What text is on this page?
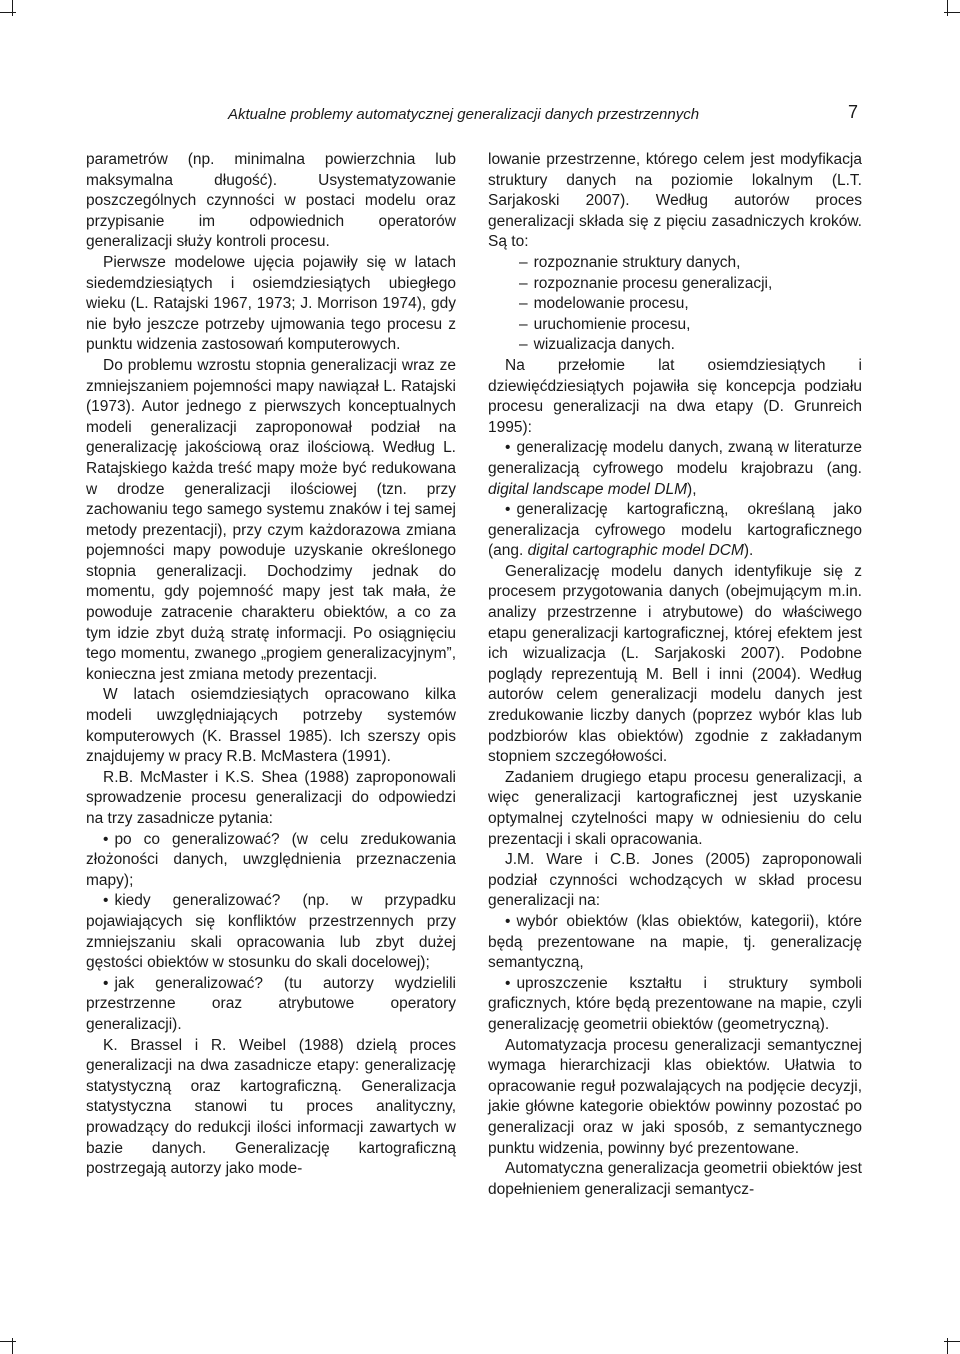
Aktualne problemy automatycznej generalizacji danych przestrzennych	7

parametrów (np. minimalna powierzchnia lub maksymalna długość). Usystematyzowanie poszczególnych czynności w postaci modelu oraz przypisanie im odpowiednich operatorów generalizacji służy kontroli procesu.

Pierwsze modelowe ujęcia pojawiły się w latach siedemdziesiątych i osiemdziesiątych ubiegłego wieku (L. Ratajski 1967, 1973; J. Morrison 1974), gdy nie było jeszcze potrzeby ujmowania tego procesu z punktu widzenia zastosowań komputerowych.

Do problemu wzrostu stopnia generalizacji wraz ze zmniejszaniem pojemności mapy nawiązał L. Ratajski (1973). Autor jednego z pierwszych konceptualnych modeli generalizacji zaproponował podział na generalizację jakościową oraz ilościową. Według L. Ratajskiego każda treść mapy może być redukowana w drodze generalizacji ilościowej (tzn. przy zachowaniu tego samego systemu znaków i tej samej metody prezentacji), przy czym każdorazowa zmiana pojemności mapy powoduje uzyskanie określonego stopnia generalizacji. Dochodzimy jednak do momentu, gdy pojemność mapy jest tak mała, że powoduje zatracenie charakteru obiektów, a co za tym idzie zbyt dużą stratę informacji. Po osiągnięciu tego momentu, zwanego „progiem generalizacyjnym”, konieczna jest zmiana metody prezentacji.

W latach osiemdziesiątych opracowano kilka modeli uwzględniających potrzeby systemów komputerowych (K. Brassel 1985). Ich szerszy opis znajdujemy w pracy R.B. McMastera (1991).

R.B. McMaster i K.S. Shea (1988) zaproponowali sprowadzenie procesu generalizacji do odpowiedzi na trzy zasadnicze pytania:

• po co generalizować? (w celu zredukowania złożoności danych, uwzględnienia przeznaczenia mapy);

• kiedy generalizować? (np. w przypadku pojawiających się konfliktów przestrzennych przy zmniejszaniu skali opracowania lub zbyt dużej gęstości obiektów w stosunku do skali docelowej);

• jak generalizować? (tu autorzy wydzielili przestrzenne oraz atrybutowe operatory generalizacji).

K. Brassel i R. Weibel (1988) dzielą proces generalizacji na dwa zasadnicze etapy: generalizację statystyczną oraz kartograficzną. Generalizacja statystyczna stanowi tu proces analityczny, prowadzący do redukcji ilości informacji zawartych w bazie danych. Generalizację kartograficzną postrzegają autorzy jako mode-

lowanie przestrzenne, którego celem jest modyfikacja struktury danych na poziomie lokalnym (L.T. Sarjakoski 2007). Według autorów proces generalizacji składa się z pięciu zasadniczych kroków. Są to:

– rozpoznanie struktury danych,
– rozpoznanie procesu generalizacji,
– modelowanie procesu,
– uruchomienie procesu,
– wizualizacja danych.

Na przełomie lat osiemdziesiątych i dziewięćdziesiątych pojawiła się koncepcja podziału procesu generalizacji na dwa etapy (D. Grunreich 1995):

• generalizację modelu danych, zwaną w literaturze generalizacją cyfrowego modelu krajobrazu (ang. digital landscape model DLM),

• generalizację kartograficzną, określaną jako generalizacja cyfrowego modelu kartograficznego (ang. digital cartographic model DCM).

Generalizację modelu danych identyfikuje się z procesem przygotowania danych (obejmującym m.in. analizy przestrzenne i atrybutowe) do właściwego etapu generalizacji kartograficznej, której efektem jest ich wizualizacja (L. Sarjakoski 2007). Podobne poglądy reprezentują M. Bell i inni (2004). Według autorów celem generalizacji modelu danych jest zredukowanie liczby danych (poprzez wybór klas lub podzbiorów klas obiektów) zgodnie z zakładanym stopniem szczegółowości.

Zadaniem drugiego etapu procesu generalizacji, a więc generalizacji kartograficznej jest uzyskanie optymalnej czytelności mapy w odniesieniu do celu prezentacji i skali opracowania.

J.M. Ware i C.B. Jones (2005) zaproponowali podział czynności wchodzących w skład procesu generalizacji na:

• wybór obiektów (klas obiektów, kategorii), które będą prezentowane na mapie, tj. generalizację semantyczną,

• uproszczenie kształtu i struktury symboli graficznych, które będą prezentowane na mapie, czyli generalizację geometrii obiektów (geometryczną).

Automatyzacja procesu generalizacji semantycznej wymaga hierarchizacji klas obiektów. Ułatwia to opracowanie reguł pozwalających na podjęcie decyzji, jakie główne kategorie obiektów powinny pozostać po generalizacji oraz w jaki sposób, z semantycznego punktu widzenia, powinny być prezentowane.

Automatyczna generalizacja geometrii obiektów jest dopełnieniem generalizacji semantycz-
